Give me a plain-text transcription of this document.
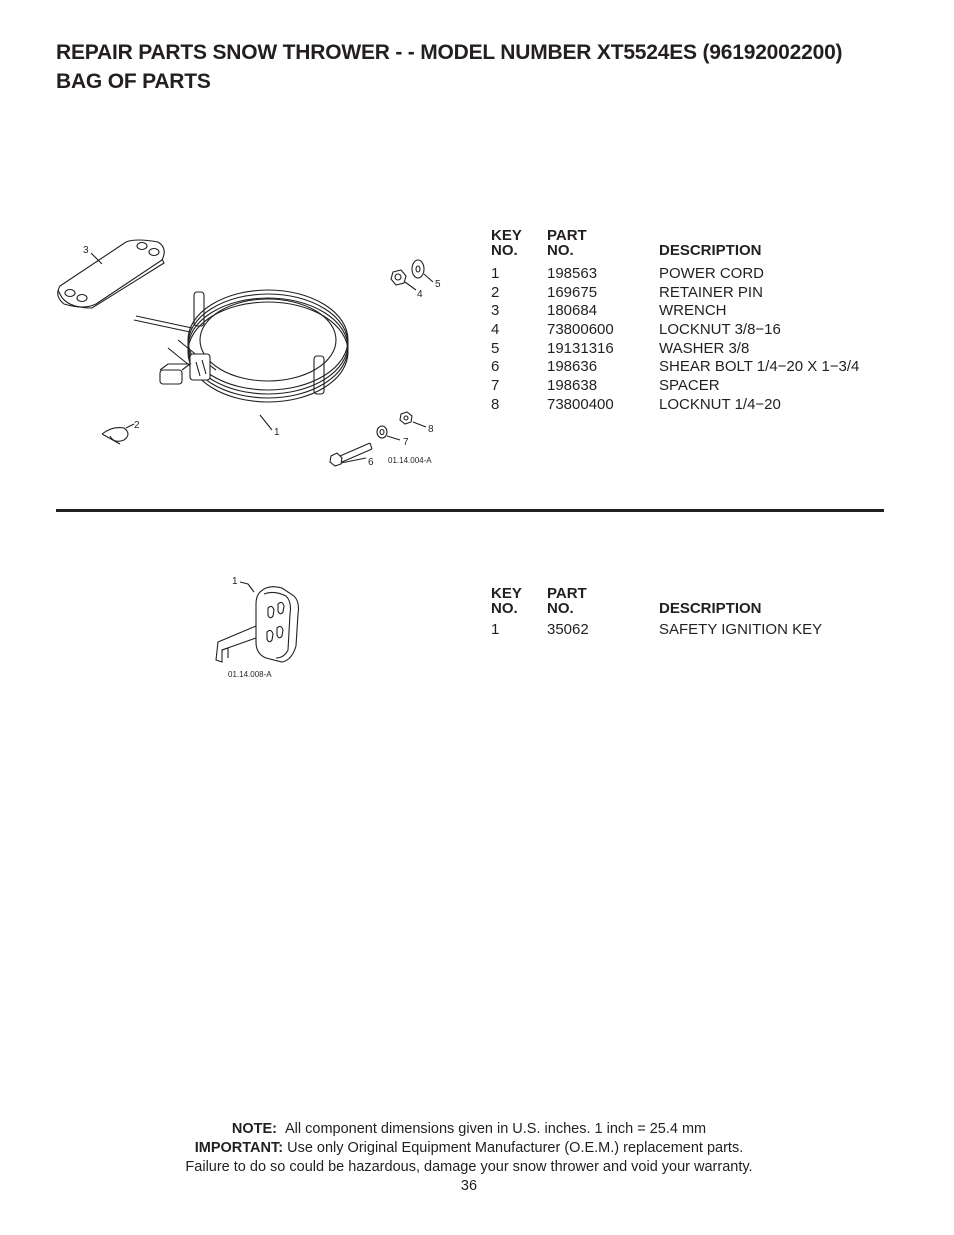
REPAIR PARTS SNOW THROWER - - MODEL NUMBER XT5524ES (96192002200)
BAG OF PARTS
3
2
1
4
5
8
7
6 01.14.004-A
KEY
NO.
PART
NO.	DESCRIPTION
1	198563	POWER CORD
2	169675	RETAINER PIN
3	180684	WRENCH
4	73800600	LOCKNUT 3/8−16
5	19131316	WASHER 3/8
6	198636	SHEAR BOLT 1/4−20 X 1−3/4
7	198638	SPACER
8	73800400	LOCKNUT 1/4−20
1
01.14.008-A
KEY
NO.
PART
NO.	DESCRIPTION
1	35062	SAFETY IGNITION KEY
NOTE: All component dimensions given in U.S. inches. 1 inch = 25.4 mm
IMPORTANT: Use only Original Equipment Manufacturer (O.E.M.) replacement parts.
Failure to do so could be hazardous, damage your snow thrower and void your warranty.
36
